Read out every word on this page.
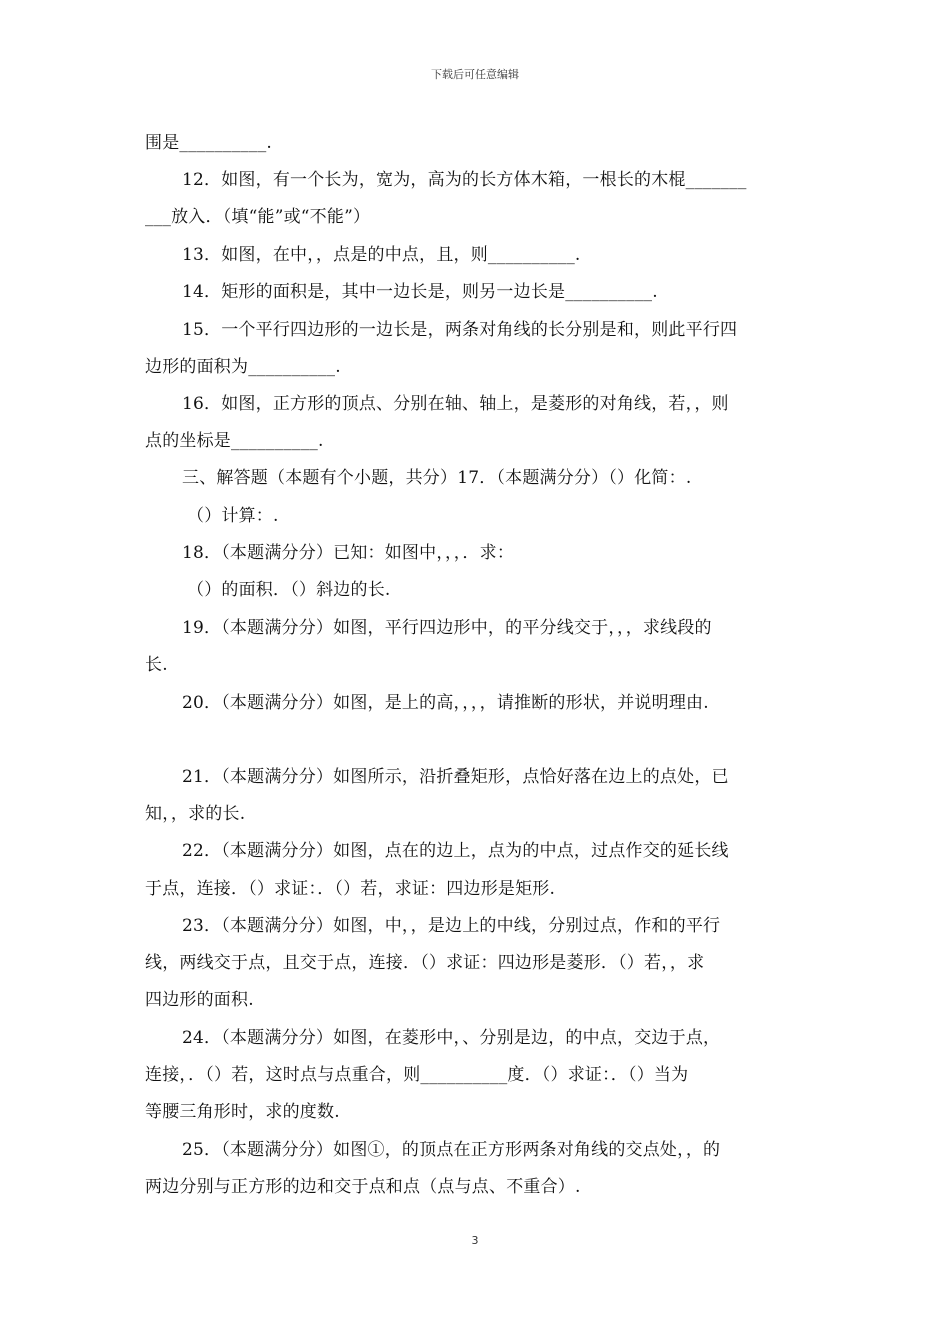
下载后可任意编辑
围是__________.
12．如图，有一个长为，宽为，高为的长方体木箱，一根长的木棍_______
___放入．（填“能”或“不能”）
13．如图，在中，，点是的中点，且，则__________.
14．矩形的面积是，其中一边长是，则另一边长是__________.
15．一个平行四边形的一边长是，两条对角线的长分别是和，则此平行四
边形的面积为__________.
16．如图，正方形的顶点、分别在轴、轴上，是菱形的对角线，若，，则
点的坐标是__________.
三、解答题（本题有个小题，共分）17．（本题满分分）（）化简：.
（）计算：.
18．（本题满分分）已知：如图中，，，．求：
（）的面积．（）斜边的长.
19．（本题满分分）如图，平行四边形中，的平分线交于，，，求线段的
长.
20．（本题满分分）如图，是上的高，，，，请推断的形状，并说明理由.
21．（本题满分分）如图所示，沿折叠矩形，点恰好落在边上的点处，已
知，，求的长.
22．（本题满分分）如图，点在的边上，点为的中点，过点作交的延长线
于点，连接．（）求证：．（）若，求证：四边形是矩形.
23．（本题满分分）如图，中，，是边上的中线，分别过点，作和的平行
线，两线交于点，且交于点，连接．（）求证：四边形是菱形．（）若，，求
四边形的面积.
24．（本题满分分）如图，在菱形中，、分别是边，的中点，交边于点，
连接，．（）若，这时点与点重合，则__________度．（）求证：．（）当为
等腰三角形时，求的度数.
25．（本题满分分）如图①，的顶点在正方形两条对角线的交点处，，的
两边分别与正方形的边和交于点和点（点与点、不重合）.
3
